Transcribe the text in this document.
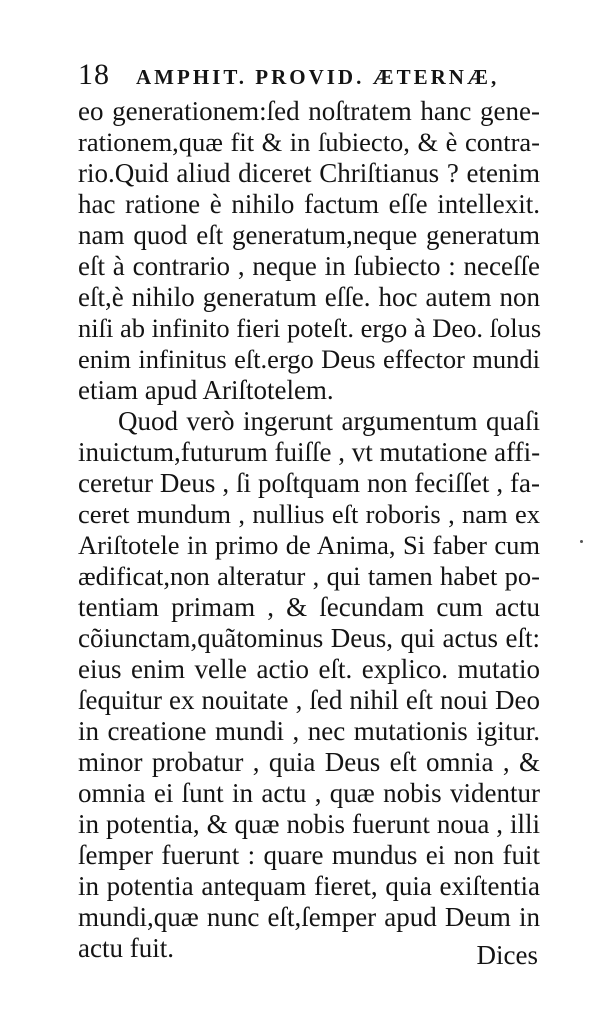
18 AMPHIT. PROVID. ÆTERNÆ,
eo generationem:ſed noſtratem hanc gene-
rationem,quæ fit & in ſubiecto, & è contra-
rio.Quid aliud diceret Chriſtianus ? etenim
hac ratione è nihilo factum eſſe intellexit.
nam quod eſt generatum,neque generatum
eſt à contrario , neque in ſubiecto : neceſſe
eſt,è nihilo generatum eſſe. hoc autem non
niſi ab infinito fieri poteſt. ergo à Deo. ſolus
enim infinitus eſt.ergo Deus effector mundi
etiam apud Ariſtotelem.
Quod verò ingerunt argumentum quaſi
inuictum,futurum fuiſſe , vt mutatione affi-
ceretur Deus , ſi poſtquam non feciſſet , fa-
ceret mundum , nullius eſt roboris , nam ex
Ariſtotele in primo de Anima, Si faber cum
ædificat,non alteratur , qui tamen habet po-
tentiam primam , & ſecundam cum actu
cõiunctam,quãtominus Deus, qui actus eſt:
eius enim velle actio eſt. explico. mutatio
ſequitur ex nouitate , ſed nihil eſt noui Deo
in creatione mundi , nec mutationis igitur.
minor probatur , quia Deus eſt omnia , &
omnia ei ſunt in actu , quæ nobis videntur
in potentia, & quæ nobis fuerunt noua , illi
ſemper fuerunt : quare mundus ei non fuit
in potentia antequam fieret, quia exiſtentia
mundi,quæ nunc eſt,ſemper apud Deum in
actu fuit.	Dices
